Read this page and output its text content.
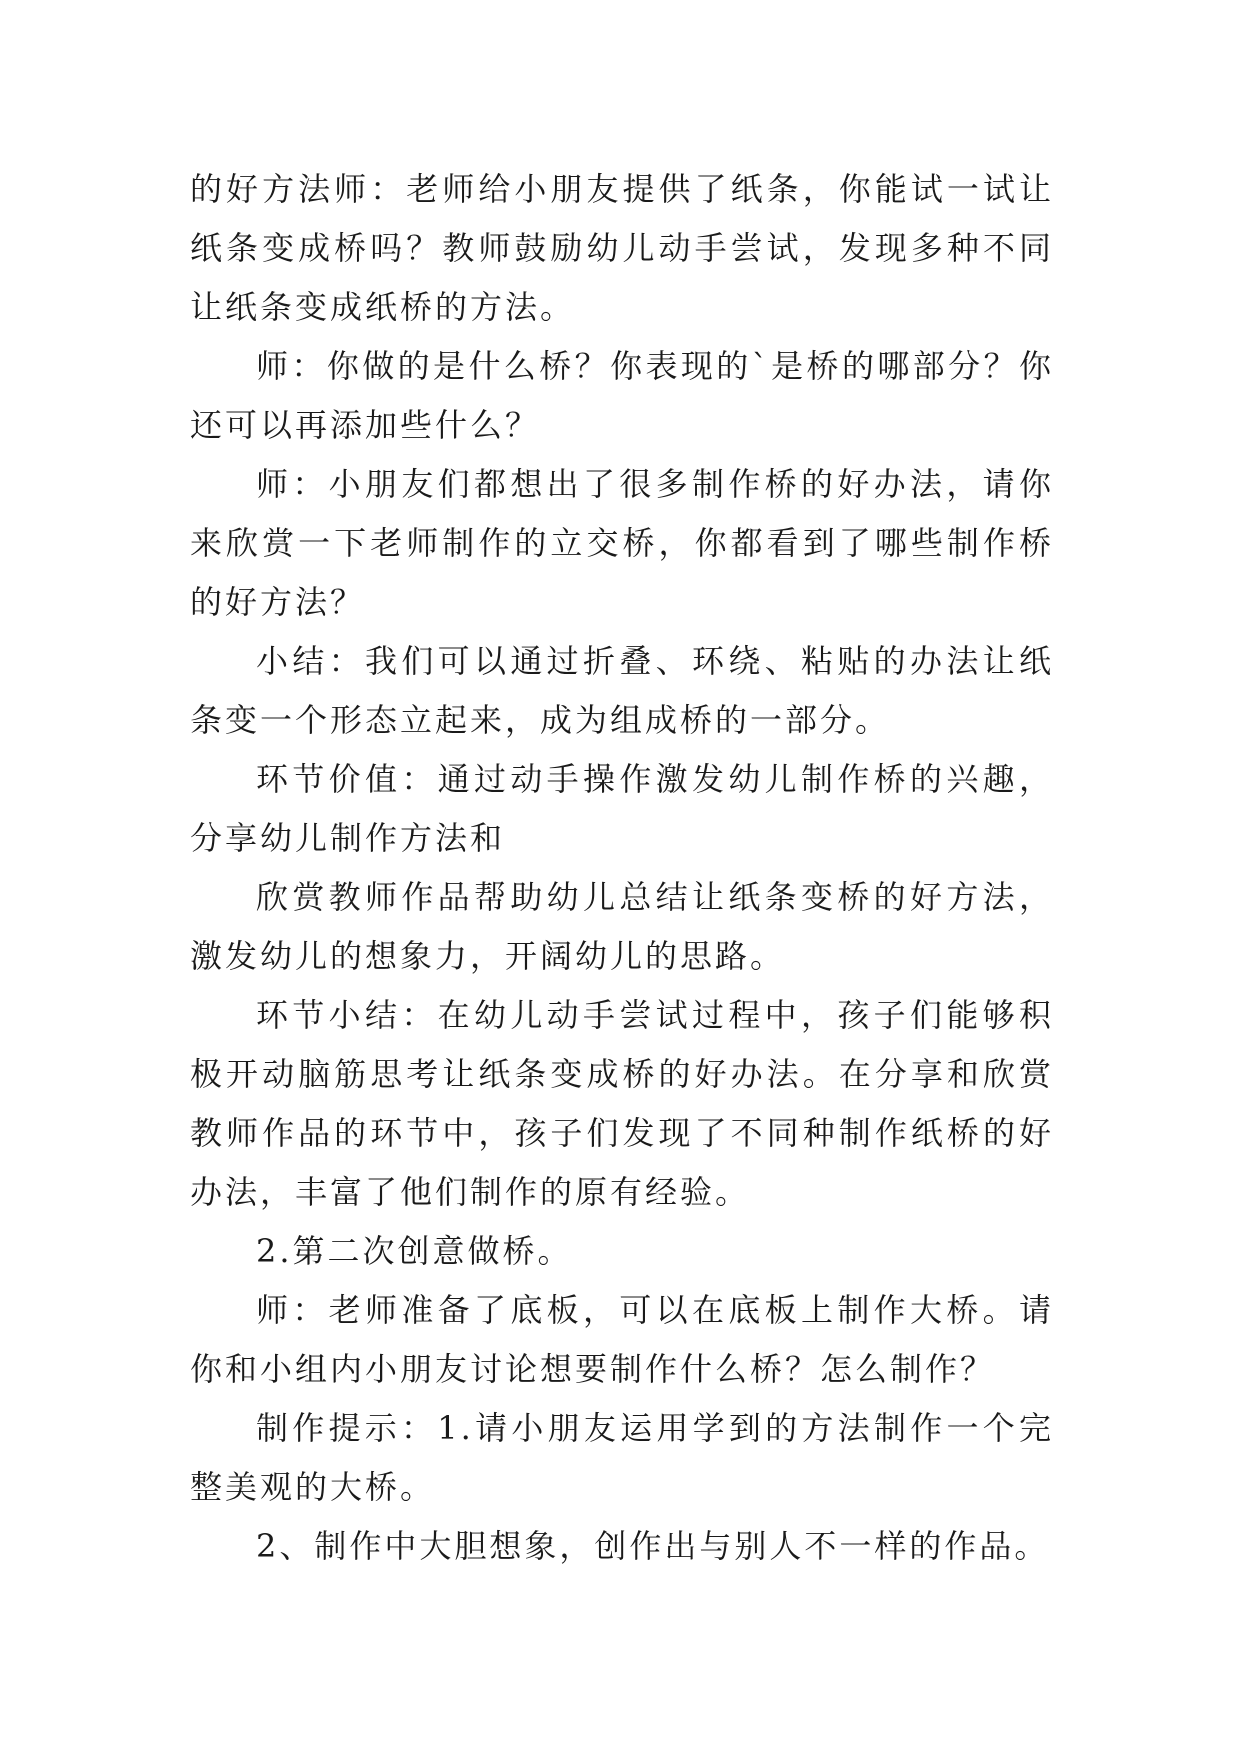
的好方法师：老师给小朋友提供了纸条，你能试一试让纸条变成桥吗？教师鼓励幼儿动手尝试，发现多种不同让纸条变成纸桥的方法。

师：你做的是什么桥？你表现的`是桥的哪部分？你还可以再添加些什么？

师：小朋友们都想出了很多制作桥的好办法，请你来欣赏一下老师制作的立交桥，你都看到了哪些制作桥的好方法？

小结：我们可以通过折叠、环绕、粘贴的办法让纸条变一个形态立起来，成为组成桥的一部分。

环节价值：通过动手操作激发幼儿制作桥的兴趣，分享幼儿制作方法和

欣赏教师作品帮助幼儿总结让纸条变桥的好方法，激发幼儿的想象力，开阔幼儿的思路。

环节小结：在幼儿动手尝试过程中，孩子们能够积极开动脑筋思考让纸条变成桥的好办法。在分享和欣赏教师作品的环节中，孩子们发现了不同种制作纸桥的好办法，丰富了他们制作的原有经验。

2.第二次创意做桥。

师：老师准备了底板，可以在底板上制作大桥。请你和小组内小朋友讨论想要制作什么桥？怎么制作？

制作提示：1.请小朋友运用学到的方法制作一个完整美观的大桥。

2、制作中大胆想象，创作出与别人不一样的作品。
